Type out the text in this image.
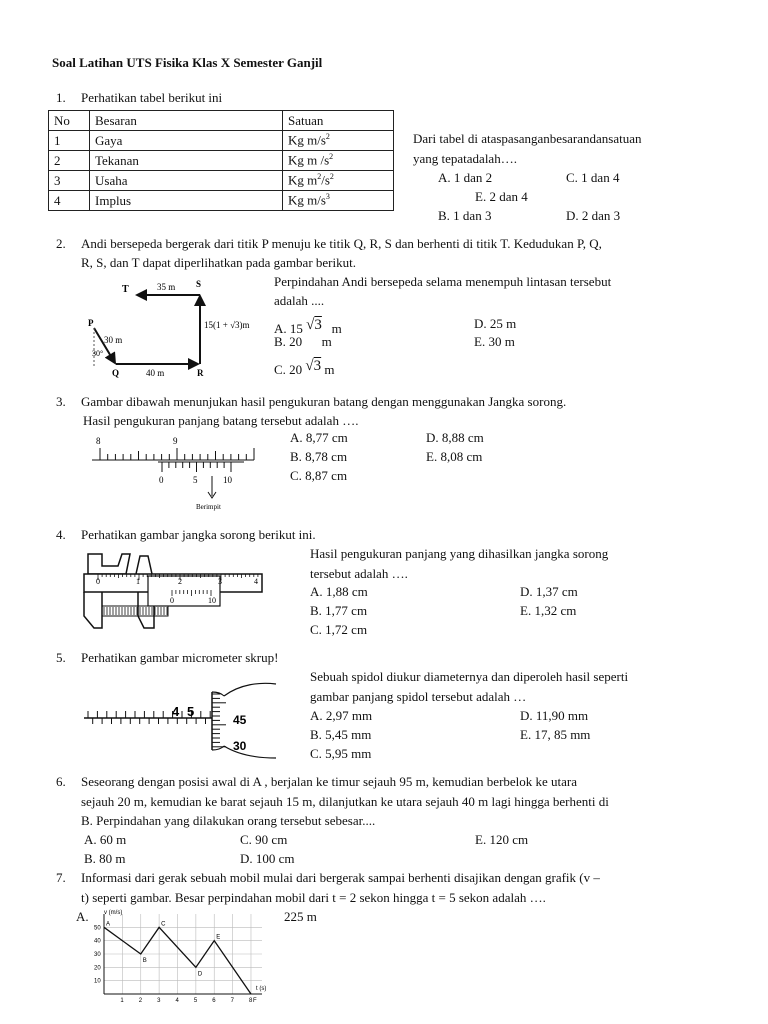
Soal Latihan UTS Fisika Klas X Semester Ganjil
1. Perhatikan tabel berikut ini
No	Besaran	Satuan
1	Gaya	Kg $m/s^2$
2	Tekanan	Kg m $/s^2$
3	Usaha	Kg $m^2/s^2$
4	Implus	Kg $m/s^3$
Dari tabel di ataspasanganbesarandansatuan
yang tepatadalah….
A. 1 dan 2	C. 1 dan 4
E. 2 dan 4
B. 1 dan 3	D. 2 dan 3
2. Andi bersepeda bergerak dari titik P menuju ke titik Q, R, S dan berhenti di titik T. Kedudukan P, Q,
R, S, dan T dapat diperlihatkan pada gambar berikut.
35 m
T	S
P
30 m
30°
15(1 + √3)m
Q	40 m	R
Perpindahan Andi bersepeda selama menempuh lintasan tersebut
adalah ....
A. 15 √3 m
B. 20 m
C. 20 √3 m
D. 25 m
E. 30 m
3. Gambar dibawah menunjukan hasil pengukuran batang dengan menggunakan Jangka sorong.
Hasil pengukuran panjang batang tersebut adalah ….
8	9
0	5	10
Berimpit
A. 8,77 cm
B. 8,78 cm
C. 8,87 cm
D. 8,88 cm
E. 8,08 cm
4. Perhatikan gambar jangka sorong berikut ini.
0	1	2	3	4
0	10
Hasil pengukuran panjang yang dihasilkan jangka sorong
tersebut adalah ….
A. 1,88 cm
B. 1,77 cm
C. 1,72 cm
D. 1,37 cm
E. 1,32 cm
5. Perhatikan gambar micrometer skrup!
4 5
45
30
Sebuah spidol diukur diameternya dan diperoleh hasil seperti
gambar panjang spidol tersebut adalah …
A. 2,97 mm
B. 5,45 mm
C. 5,95 mm
D. 11,90 mm
E. 17, 85 mm
6. Seseorang dengan posisi awal di A , berjalan ke timur sejauh 95 m, kemudian berbelok ke utara
sejauh 20 m, kemudian ke barat sejauh 15 m, dilanjutkan ke utara sejauh 40 m lagi hingga berhenti di
B. Perpindahan yang dilakukan orang tersebut sebesar....
A. 60 m
B. 80 m
C. 90 cm
D. 100 cm
E. 120 cm
7. Informasi dari gerak sebuah mobil mulai dari bergerak sampai berhenti disajikan dengan grafik (v –
t) seperti gambar. Besar perpindahan mobil dari t = 2 sekon hingga t = 5 sekon adalah ….
A.	225 m
1	2	3	4	5	6	7	8
10
20
30
40
50
A
B
C
D
E
F
v (m/s)
t (s)
